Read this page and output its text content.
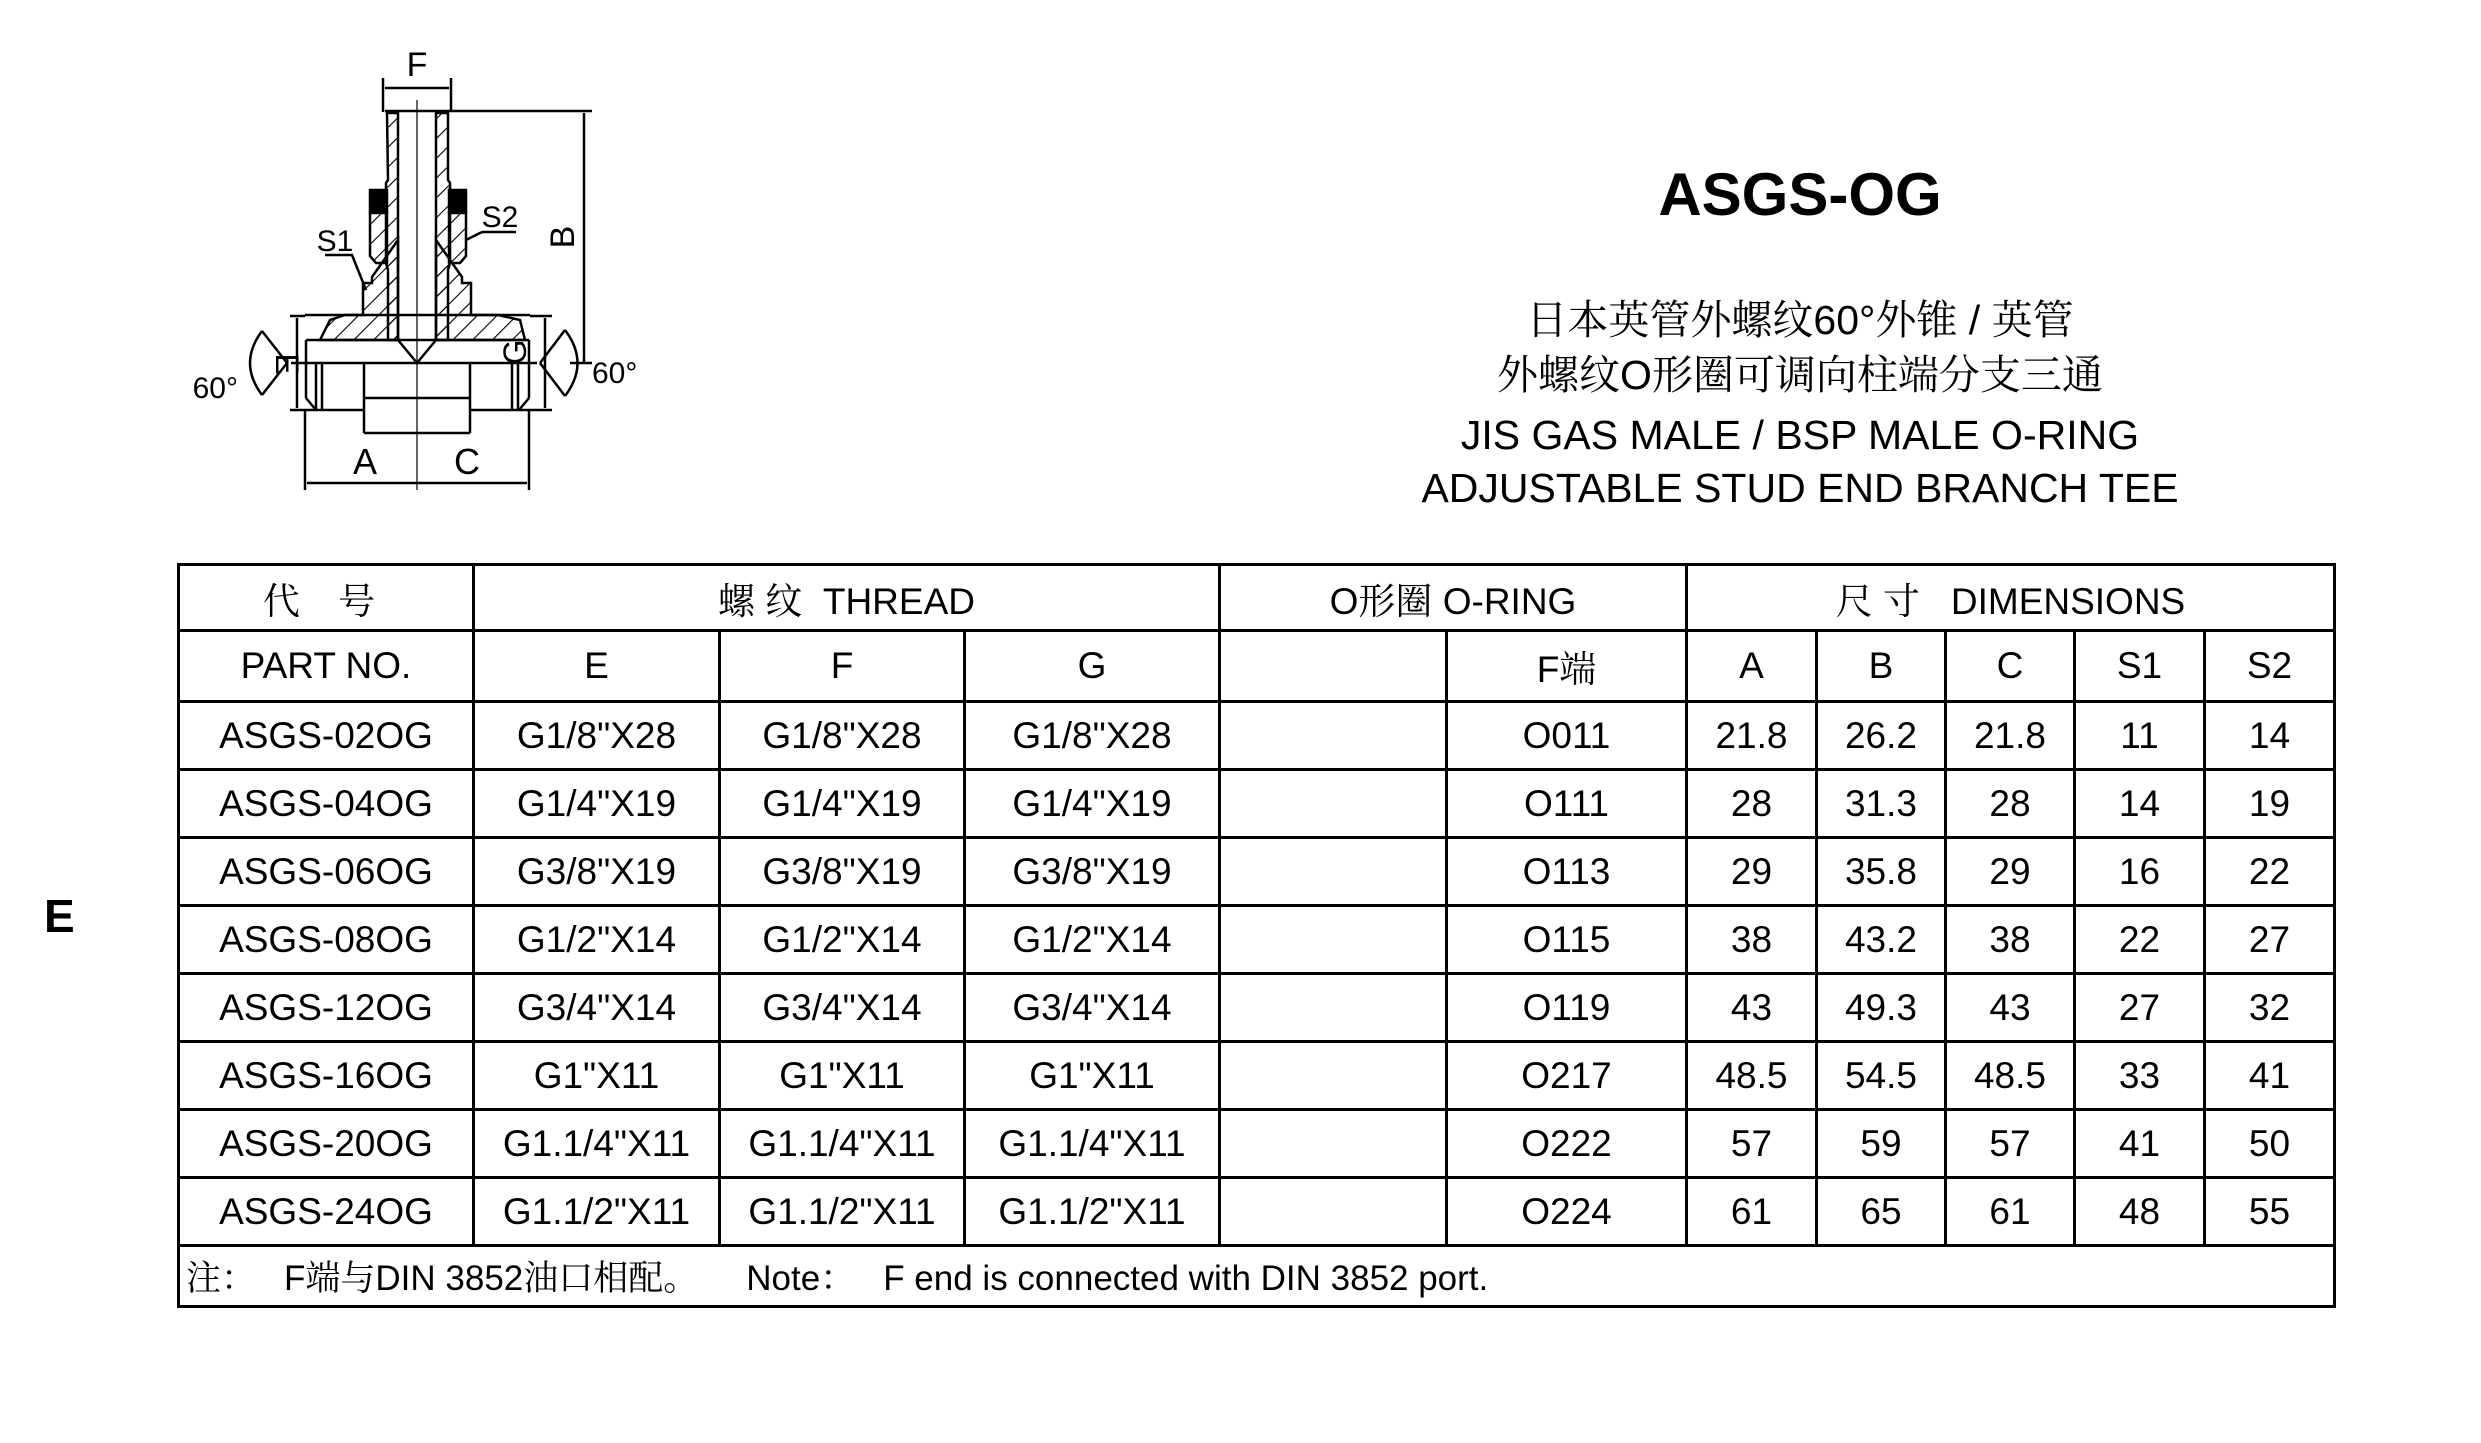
E
F
B
S1
S2
E	G
A C
60°	60°
ASGS-OG
日本英管外螺纹60°外锥 / 英管
外螺纹O形圈可调向柱端分支三通
JIS GAS MALE / BSP MALE O-RING
ADJUSTABLE STUD END BRANCH TEE
代 号	螺 纹  THREAD			O形圈 O-RING		尺 寸   DIMENSIONS				
PART NO.	E	F	G		F端	A	B	C	S1	S2
ASGS-02OG	G1/8"X28	G1/8"X28	G1/8"X28		O011	21.8	26.2	21.8	11	14
ASGS-04OG	G1/4"X19	G1/4"X19	G1/4"X19		O111	28	31.3	28	14	19
ASGS-06OG	G3/8"X19	G3/8"X19	G3/8"X19		O113	29	35.8	29	16	22
ASGS-08OG	G1/2"X14	G1/2"X14	G1/2"X14		O115	38	43.2	38	22	27
ASGS-12OG	G3/4"X14	G3/4"X14	G3/4"X14		O119	43	49.3	43	27	32
ASGS-16OG	G1"X11	G1"X11	G1"X11		O217	48.5	54.5	48.5	33	41
ASGS-20OG	G1.1/4"X11	G1.1/4"X11	G1.1/4"X11		O222	57	59	57	41	50
ASGS-24OG	G1.1/2"X11	G1.1/2"X11	G1.1/2"X11		O224	61	65	61	48	55
注： F端与DIN 3852油口相配。 Note： F end is connected with DIN 3852 port.										
